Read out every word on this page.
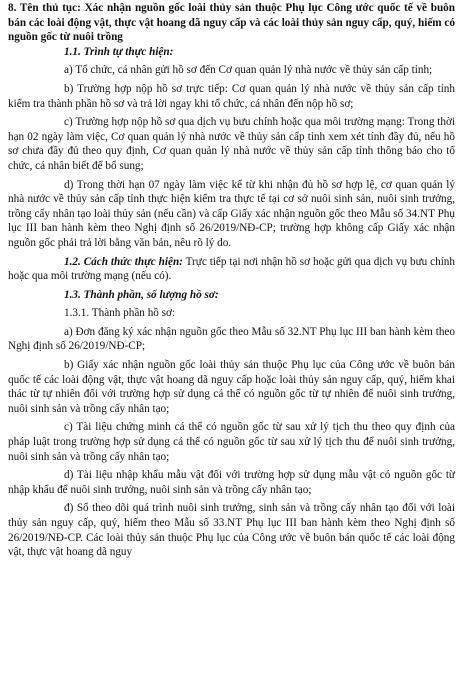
8. Tên thủ tục: Xác nhận nguồn gốc loài thủy sản thuộc Phụ lục Công ước quốc tế về buôn bán các loài động vật, thực vật hoang dã nguy cấp và các loài thủy sản nguy cấp, quý, hiếm có nguồn gốc từ nuôi trồng

1.1. Trình tự thực hiện:

a) Tổ chức, cá nhân gửi hồ sơ đến Cơ quan quản lý nhà nước về thủy sản cấp tỉnh;

b) Trường hợp nộp hồ sơ trực tiếp: Cơ quan quản lý nhà nước về thủy sản cấp tỉnh kiểm tra thành phần hồ sơ và trả lời ngay khi tổ chức, cá nhân đến nộp hồ sơ;

c) Trường hợp nộp hồ sơ qua dịch vụ bưu chính hoặc qua môi trường mạng: Trong thời hạn 02 ngày làm việc, Cơ quan quản lý nhà nước về thủy sản cấp tỉnh xem xét tính đầy đủ, nếu hồ sơ chưa đầy đủ theo quy định, Cơ quan quản lý nhà nước về thủy sản cấp tỉnh thông báo cho tổ chức, cá nhân biết để bổ sung;

d) Trong thời hạn 07 ngày làm việc kể từ khi nhận đủ hồ sơ hợp lệ, cơ quan quản lý nhà nước về thủy sản cấp tỉnh thực hiện kiểm tra thực tế tại cơ sở nuôi sinh sản, nuôi sinh trưởng, trồng cấy nhân tạo loài thủy sản (nếu cần) và cấp Giấy xác nhận nguồn gốc theo Mẫu số 34.NT Phụ lục III ban hành kèm theo Nghị định số 26/2019/NĐ-CP; trường hợp không cấp Giấy xác nhận nguồn gốc phải trả lời bằng văn bản, nêu rõ lý do.

1.2. Cách thức thực hiện: Trực tiếp tại nơi nhận hồ sơ hoặc gửi qua dịch vụ bưu chính hoặc qua môi trường mạng (nếu có).

1.3. Thành phần, số lượng hồ sơ:

1.3.1. Thành phần hồ sơ:

a) Đơn đăng ký xác nhận nguồn gốc theo Mẫu số 32.NT Phụ lục III ban hành kèm theo Nghị định số 26/2019/NĐ-CP;

b) Giấy xác nhận nguồn gốc loài thủy sản thuộc Phụ lục của Công ước về buôn bán quốc tế các loài động vật, thực vật hoang dã nguy cấp hoặc loài thủy sản nguy cấp, quý, hiếm khai thác từ tự nhiên đối với trường hợp sử dụng cá thể có nguồn gốc từ tự nhiên để nuôi sinh trưởng, nuôi sinh sản và trồng cấy nhân tạo;

c) Tài liệu chứng minh cá thể có nguồn gốc từ sau xử lý tịch thu theo quy định của pháp luật trong trường hợp sử dụng cá thể có nguồn gốc từ sau xử lý tịch thu để nuôi sinh trưởng, nuôi sinh sản và trồng cấy nhân tạo;

d) Tài liệu nhập khẩu mẫu vật đối với trường hợp sử dụng mẫu vật có nguồn gốc từ nhập khẩu để nuôi sinh trưởng, nuôi sinh sản và trồng cấy nhân tạo;

đ) Sổ theo dõi quá trình nuôi sinh trưởng, sinh sản và trồng cấy nhân tạo đối với loài thủy sản nguy cấp, quý, hiếm theo Mẫu số 33.NT Phụ lục III ban hành kèm theo Nghị định số 26/2019/NĐ-CP. Các loài thủy sản thuộc Phụ lục của Công ước về buôn bán quốc tế các loài động vật, thực vật hoang dã nguy
